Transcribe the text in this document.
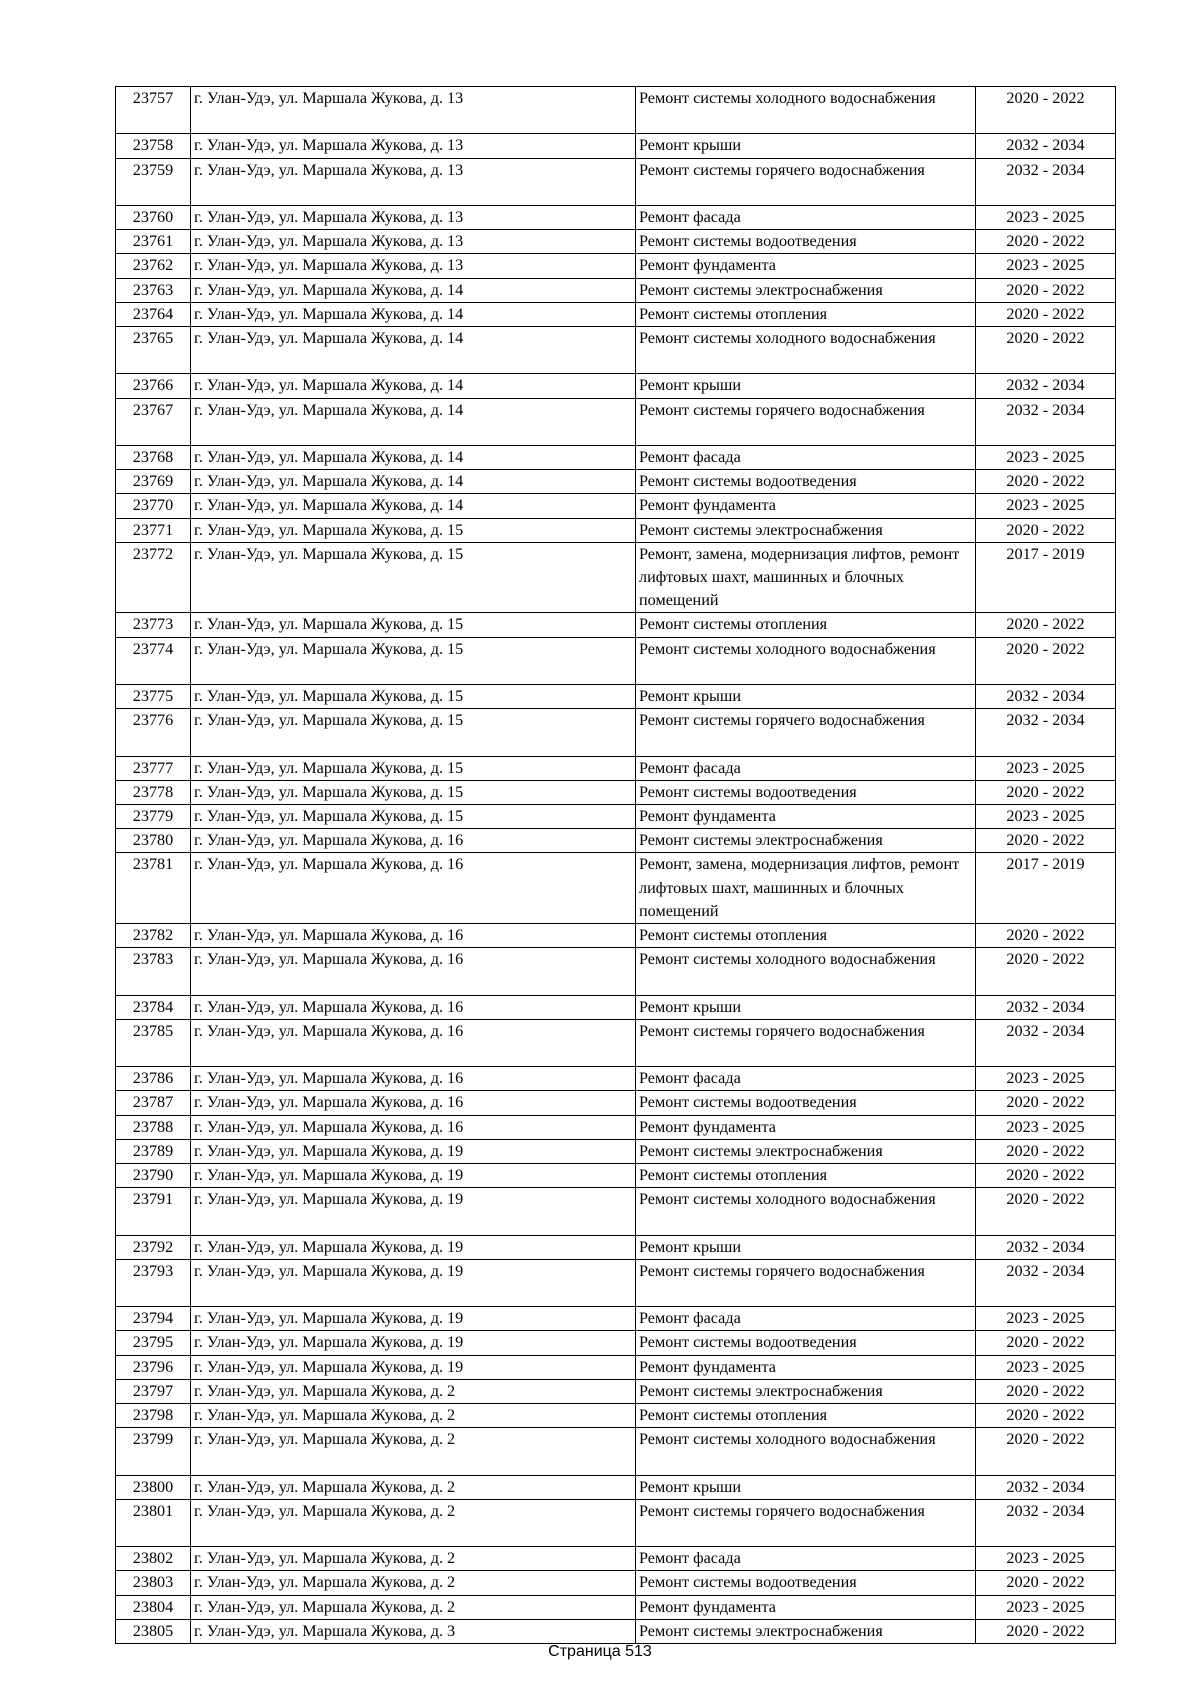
23757	г. Улан-Удэ, ул. Маршала Жукова, д. 13	Ремонт системы холодного водоснабжения	2020 - 2022
23758	г. Улан-Удэ, ул. Маршала Жукова, д. 13	Ремонт крыши	2032 - 2034
23759	г. Улан-Удэ, ул. Маршала Жукова, д. 13	Ремонт системы горячего водоснабжения	2032 - 2034
23760	г. Улан-Удэ, ул. Маршала Жукова, д. 13	Ремонт фасада	2023 - 2025
23761	г. Улан-Удэ, ул. Маршала Жукова, д. 13	Ремонт системы водоотведения	2020 - 2022
23762	г. Улан-Удэ, ул. Маршала Жукова, д. 13	Ремонт фундамента	2023 - 2025
23763	г. Улан-Удэ, ул. Маршала Жукова, д. 14	Ремонт системы электроснабжения	2020 - 2022
23764	г. Улан-Удэ, ул. Маршала Жукова, д. 14	Ремонт системы отопления	2020 - 2022
23765	г. Улан-Удэ, ул. Маршала Жукова, д. 14	Ремонт системы холодного водоснабжения	2020 - 2022
23766	г. Улан-Удэ, ул. Маршала Жукова, д. 14	Ремонт крыши	2032 - 2034
23767	г. Улан-Удэ, ул. Маршала Жукова, д. 14	Ремонт системы горячего водоснабжения	2032 - 2034
23768	г. Улан-Удэ, ул. Маршала Жукова, д. 14	Ремонт фасада	2023 - 2025
23769	г. Улан-Удэ, ул. Маршала Жукова, д. 14	Ремонт системы водоотведения	2020 - 2022
23770	г. Улан-Удэ, ул. Маршала Жукова, д. 14	Ремонт фундамента	2023 - 2025
23771	г. Улан-Удэ, ул. Маршала Жукова, д. 15	Ремонт системы электроснабжения	2020 - 2022
23772	г. Улан-Удэ, ул. Маршала Жукова, д. 15	Ремонт, замена, модернизация лифтов, ремонт лифтовых шахт, машинных и блочных помещений	2017 - 2019
23773	г. Улан-Удэ, ул. Маршала Жукова, д. 15	Ремонт системы отопления	2020 - 2022
23774	г. Улан-Удэ, ул. Маршала Жукова, д. 15	Ремонт системы холодного водоснабжения	2020 - 2022
23775	г. Улан-Удэ, ул. Маршала Жукова, д. 15	Ремонт крыши	2032 - 2034
23776	г. Улан-Удэ, ул. Маршала Жукова, д. 15	Ремонт системы горячего водоснабжения	2032 - 2034
23777	г. Улан-Удэ, ул. Маршала Жукова, д. 15	Ремонт фасада	2023 - 2025
23778	г. Улан-Удэ, ул. Маршала Жукова, д. 15	Ремонт системы водоотведения	2020 - 2022
23779	г. Улан-Удэ, ул. Маршала Жукова, д. 15	Ремонт фундамента	2023 - 2025
23780	г. Улан-Удэ, ул. Маршала Жукова, д. 16	Ремонт системы электроснабжения	2020 - 2022
23781	г. Улан-Удэ, ул. Маршала Жукова, д. 16	Ремонт, замена, модернизация лифтов, ремонт лифтовых шахт, машинных и блочных помещений	2017 - 2019
23782	г. Улан-Удэ, ул. Маршала Жукова, д. 16	Ремонт системы отопления	2020 - 2022
23783	г. Улан-Удэ, ул. Маршала Жукова, д. 16	Ремонт системы холодного водоснабжения	2020 - 2022
23784	г. Улан-Удэ, ул. Маршала Жукова, д. 16	Ремонт крыши	2032 - 2034
23785	г. Улан-Удэ, ул. Маршала Жукова, д. 16	Ремонт системы горячего водоснабжения	2032 - 2034
23786	г. Улан-Удэ, ул. Маршала Жукова, д. 16	Ремонт фасада	2023 - 2025
23787	г. Улан-Удэ, ул. Маршала Жукова, д. 16	Ремонт системы водоотведения	2020 - 2022
23788	г. Улан-Удэ, ул. Маршала Жукова, д. 16	Ремонт фундамента	2023 - 2025
23789	г. Улан-Удэ, ул. Маршала Жукова, д. 19	Ремонт системы электроснабжения	2020 - 2022
23790	г. Улан-Удэ, ул. Маршала Жукова, д. 19	Ремонт системы отопления	2020 - 2022
23791	г. Улан-Удэ, ул. Маршала Жукова, д. 19	Ремонт системы холодного водоснабжения	2020 - 2022
23792	г. Улан-Удэ, ул. Маршала Жукова, д. 19	Ремонт крыши	2032 - 2034
23793	г. Улан-Удэ, ул. Маршала Жукова, д. 19	Ремонт системы горячего водоснабжения	2032 - 2034
23794	г. Улан-Удэ, ул. Маршала Жукова, д. 19	Ремонт фасада	2023 - 2025
23795	г. Улан-Удэ, ул. Маршала Жукова, д. 19	Ремонт системы водоотведения	2020 - 2022
23796	г. Улан-Удэ, ул. Маршала Жукова, д. 19	Ремонт фундамента	2023 - 2025
23797	г. Улан-Удэ, ул. Маршала Жукова, д. 2	Ремонт системы электроснабжения	2020 - 2022
23798	г. Улан-Удэ, ул. Маршала Жукова, д. 2	Ремонт системы отопления	2020 - 2022
23799	г. Улан-Удэ, ул. Маршала Жукова, д. 2	Ремонт системы холодного водоснабжения	2020 - 2022
23800	г. Улан-Удэ, ул. Маршала Жукова, д. 2	Ремонт крыши	2032 - 2034
23801	г. Улан-Удэ, ул. Маршала Жукова, д. 2	Ремонт системы горячего водоснабжения	2032 - 2034
23802	г. Улан-Удэ, ул. Маршала Жукова, д. 2	Ремонт фасада	2023 - 2025
23803	г. Улан-Удэ, ул. Маршала Жукова, д. 2	Ремонт системы водоотведения	2020 - 2022
23804	г. Улан-Удэ, ул. Маршала Жукова, д. 2	Ремонт фундамента	2023 - 2025
23805	г. Улан-Удэ, ул. Маршала Жукова, д. 3	Ремонт системы электроснабжения	2020 - 2022
Страница 513
